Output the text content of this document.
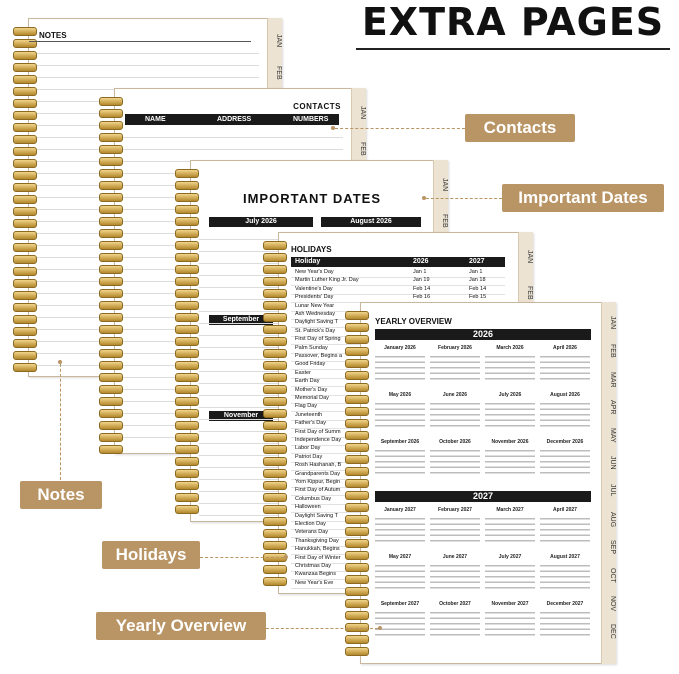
EXTRA PAGES
NOTES	JAN
FEB
CONTACTS
NAME	ADDRESS	NUMBERS
JAN
FEB
IMPORTANT DATES
July 2026	August 2026
September
November
JAN
FEB
HOLIDAYS
Holiday	2026	2027
New Year's Day	Jan 1	Jan 1
Martin Luther King Jr. Day	Jan 19	Jan 18
Valentine's Day	Feb 14	Feb 14
Presidents' Day	Feb 16	Feb 15
Lunar New Year
Ash Wednesday
Daylight Saving T
St. Patrick's Day
First Day of Spring
Palm Sunday
Passover, Begins a
Good Friday
Easter
Earth Day
Mother's Day
Memorial Day
Flag Day
Juneteenth
Father's Day
First Day of Summ
Independence Day
Labor Day
Patriot Day
Rosh Hashanah, B
Grandparents Day
Yom Kippur, Begin
First Day of Autum
Columbus Day
Halloween
Daylight Saving T
Election Day
Veterans Day
Thanksgiving Day
Hanukkah, Begins
First Day of Winter
Christmas Day
Kwanzaa Begins
New Year's Eve
JAN
FEB
YEARLY OVERVIEW
2026
January 2026	February 2026	March 2026	April 2026
May 2026	June 2026	July 2026	August 2026
September 2026	October 2026	November 2026	December 2026
2027
January 2027	February 2027	March 2027	April 2027
May 2027	June 2027	July 2027	August 2027
September 2027	October 2027	November 2027	December 2027
JAN
FEB
MAR
APR
MAY
JUN
JUL
AUG
SEP
OCT
NOV
DEC
Contacts
Important Dates
Notes
Holidays
Yearly Overview
